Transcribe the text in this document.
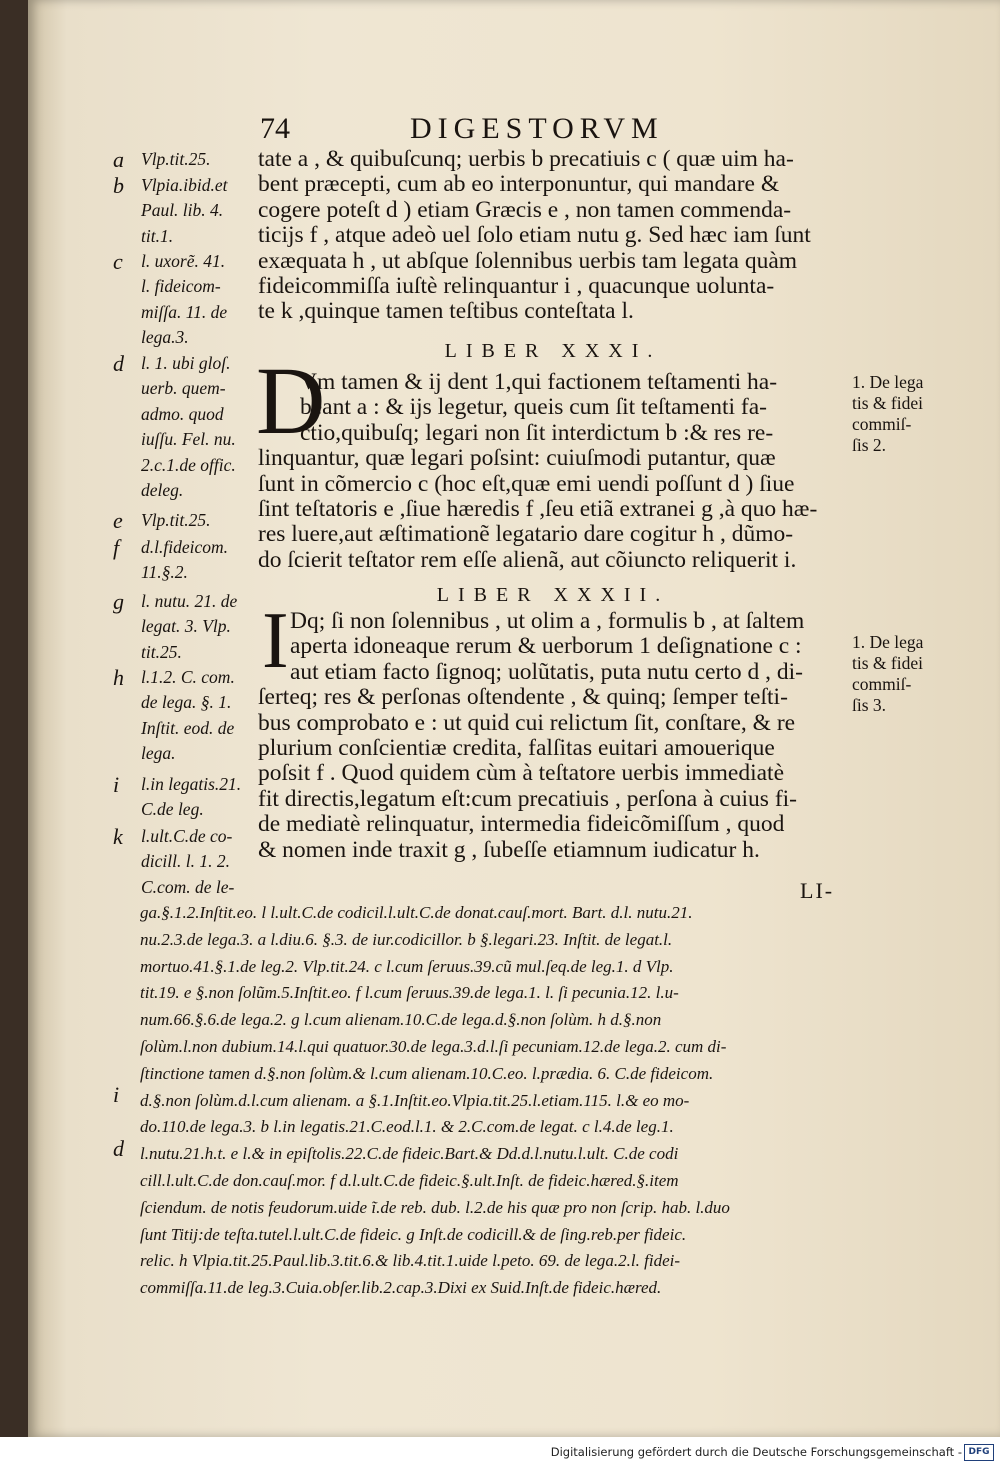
74	DIGESTORVM
tate a , & quibuſcunq; uerbis b precatiuis c ( quæ uim ha-
bent præcepti, cum ab eo interponuntur, qui mandare &
cogere poteſt d ) etiam Græcis e , non tamen commenda-
ticijs f , atque adeò uel ſolo etiam nutu g. Sed hæc iam ſunt
exæquata h , ut abſque ſolennibus uerbis tam legata quàm
fideicommiſſa iuſtè relinquantur i , quacunque uolunta-
te k ,quinque tamen teſtibus conteſtata l.
LIBER XXXI.
D
Vm tamen & ij dent 1,qui factionem teſtamenti ha-
beant a : & ijs legetur, queis cum ſit teſtamenti fa-
ctio,quibuſq; legari non ſit interdictum b :& res re-
linquantur, quæ legari poſsint: cuiuſmodi putantur, quæ
ſunt in cõmercio c (hoc eſt,quæ emi uendi poſſunt d ) ſiue
ſint teſtatoris e ,ſiue hæredis f ,ſeu etiã extranei g ,à quo hæ-
res luere,aut æſtimationẽ legatario dare cogitur h , dũmo-
do ſcierit teſtator rem eſſe alienã, aut cõiuncto reliquerit i.
LIBER XXXII.
I Dq; ſi non ſolennibus , ut olim a , formulis b , at ſaltem
aperta idoneaque rerum & uerborum 1 deſignatione c :
aut etiam facto ſignoq; uolũtatis, puta nutu certo d , di-
ſerteq; res & perſonas oſtendente , & quinq; ſemper teſti-
bus comprobato e : ut quid cui relictum ſit, conſtare, & re
plurium conſcientiæ credita, falſitas euitari amouerique
poſsit f . Quod quidem cùm à teſtatore uerbis immediatè
fit directis,legatum eſt:cum precatiuis , perſona à cuius fi-
de mediatè relinquatur, intermedia fideicõmiſſum , quod
& nomen inde traxit g , ſubeſſe etiamnum iudicatur h.
LI-
a Vlp.tit.25.
b Vlpia.ibid.et
Paul. lib. 4.
tit.1.
c l. uxorẽ. 41.
l. fideicom-
miſſa. 11. de
lega.3.
d l. 1. ubi gloſ.
uerb. quem-
admo. quod
iuſſu. Fel. nu.
2.c.1.de offic.
deleg.
e Vlp.tit.25.
f d.l.fideicom.
11.§.2.
g l. nutu. 21. de
legat. 3. Vlp.
tit.25.
h l.1.2. C. com.
de lega. §. 1.
Inſtit. eod. de
lega.
i l.in legatis.21.
C.de leg.
k l.ult.C.de co-
dicill. l. 1. 2.
C.com. de le-
1. De lega
tis & fidei
commiſ-
ſis 2.
1. De lega
tis & fidei
commiſ-
ſis 3.
i
d
ga.§.1.2.Inſtit.eo. l l.ult.C.de codicil.l.ult.C.de donat.cauſ.mort. Bart. d.l. nutu.21.
nu.2.3.de lega.3. a l.diu.6. §.3. de iur.codicillor. b §.legari.23. Inſtit. de legat.l.
mortuo.41.§.1.de leg.2. Vlp.tit.24. c l.cum ſeruus.39.cũ mul.ſeq.de leg.1. d Vlp.
tit.19. e §.non ſolũm.5.Inſtit.eo. f l.cum ſeruus.39.de lega.1. l. ſi pecunia.12. l.u-
num.66.§.6.de lega.2. g l.cum alienam.10.C.de lega.d.§.non ſolùm. h d.§.non
ſolùm.l.non dubium.14.l.qui quatuor.30.de lega.3.d.l.ſi pecuniam.12.de lega.2. cum di-
ſtinctione tamen d.§.non ſolùm.& l.cum alienam.10.C.eo. l.prædia. 6. C.de fideicom.
d.§.non ſolùm.d.l.cum alienam. a §.1.Inſtit.eo.Vlpia.tit.25.l.etiam.115. l.& eo mo-
do.110.de lega.3. b l.in legatis.21.C.eod.l.1. & 2.C.com.de legat. c l.4.de leg.1.
l.nutu.21.h.t. e l.& in epiſtolis.22.C.de fideic.Bart.& Dd.d.l.nutu.l.ult. C.de codi
cill.l.ult.C.de don.cauſ.mor. f d.l.ult.C.de fideic.§.ult.Inſt. de fideic.hæred.§.item
ſciendum. de notis feudorum.uide ĩ.de reb. dub. l.2.de his quæ pro non ſcrip. hab. l.duo
ſunt Titij:de teſta.tutel.l.ult.C.de fideic. g Inſt.de codicill.& de ſing.reb.per fideic.
relic. h Vlpia.tit.25.Paul.lib.3.tit.6.& lib.4.tit.1.uide l.peto. 69. de lega.2.l. fidei-
commiſſa.11.de leg.3.Cuia.obſer.lib.2.cap.3.Dixi ex Suid.Inſt.de fideic.hæred.
Digitalisierung gefördert durch die Deutsche Forschungsgemeinschaft - DFG
